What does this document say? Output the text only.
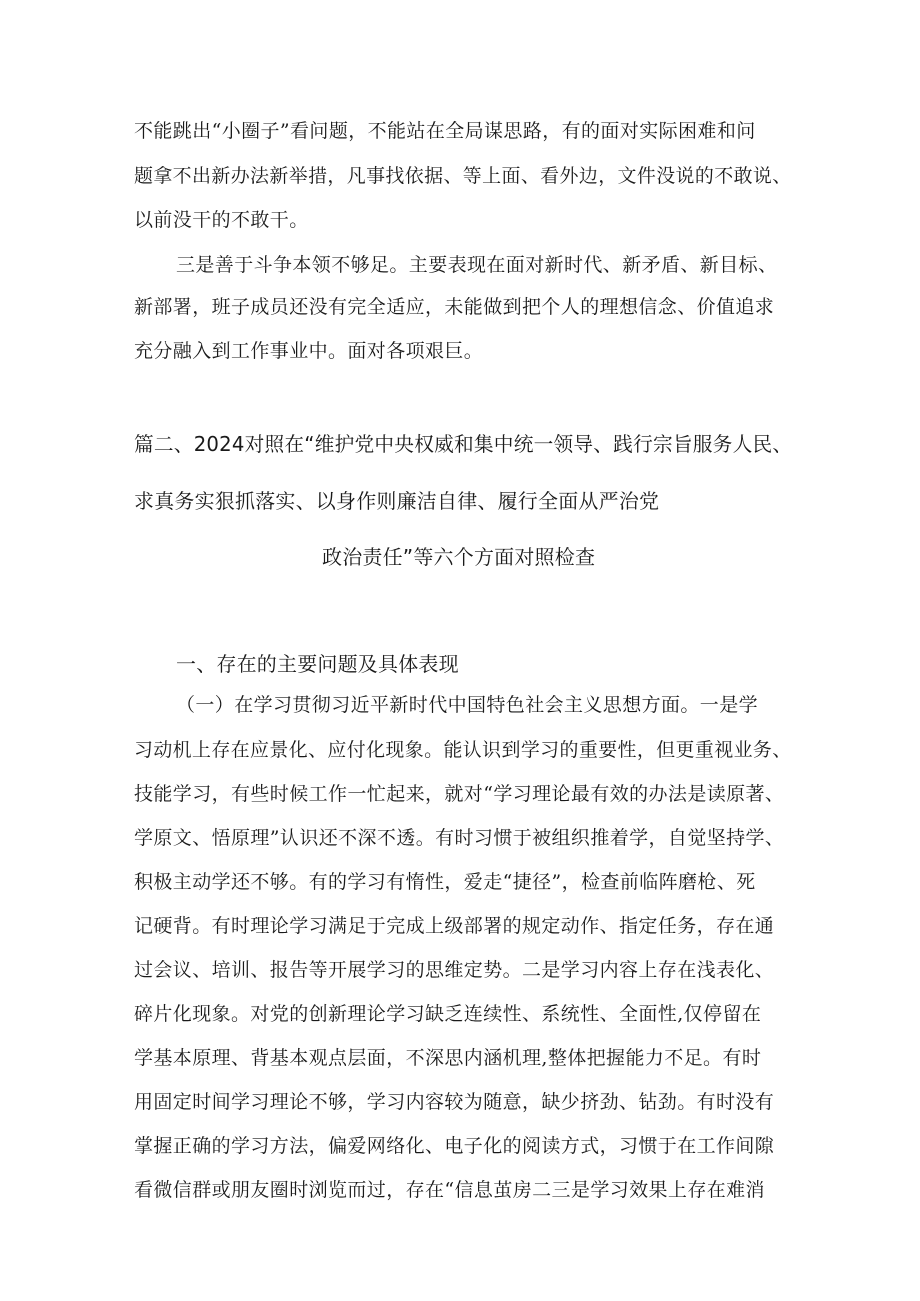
不能跳出“小圈子”看问题，不能站在全局谋思路，有的面对实际困难和问
题拿不出新办法新举措，凡事找依据、等上面、看外边，文件没说的不敢说、
以前没干的不敢干。
三是善于斗争本领不够足。主要表现在面对新时代、新矛盾、新目标、
新部署，班子成员还没有完全适应，未能做到把个人的理想信念、价值追求
充分融入到工作事业中。面对各项艰巨。
篇二、2024对照在“维护党中央权威和集中统一领导、践行宗旨服务人民、
求真务实狠抓落实、以身作则廉洁自律、履行全面从严治党
政治责任”等六个方面对照检查
一、存在的主要问题及具体表现
（一）在学习贯彻习近平新时代中国特色社会主义思想方面。一是学
习动机上存在应景化、应付化现象。能认识到学习的重要性，但更重视业务、
技能学习，有些时候工作一忙起来，就对“学习理论最有效的办法是读原著、
学原文、悟原理”认识还不深不透。有时习惯于被组织推着学，自觉坚持学、
积极主动学还不够。有的学习有惰性，爱走“捷径”，检查前临阵磨枪、死
记硬背。有时理论学习满足于完成上级部署的规定动作、指定任务，存在通
过会议、培训、报告等开展学习的思维定势。二是学习内容上存在浅表化、
碎片化现象。对党的创新理论学习缺乏连续性、系统性、全面性,仅停留在
学基本原理、背基本观点层面，不深思内涵机理,整体把握能力不足。有时
用固定时间学习理论不够，学习内容较为随意，缺少挤劲、钻劲。有时没有
掌握正确的学习方法，偏爱网络化、电子化的阅读方式，习惯于在工作间隙
看微信群或朋友圈时浏览而过，存在“信息茧房二三是学习效果上存在难消
